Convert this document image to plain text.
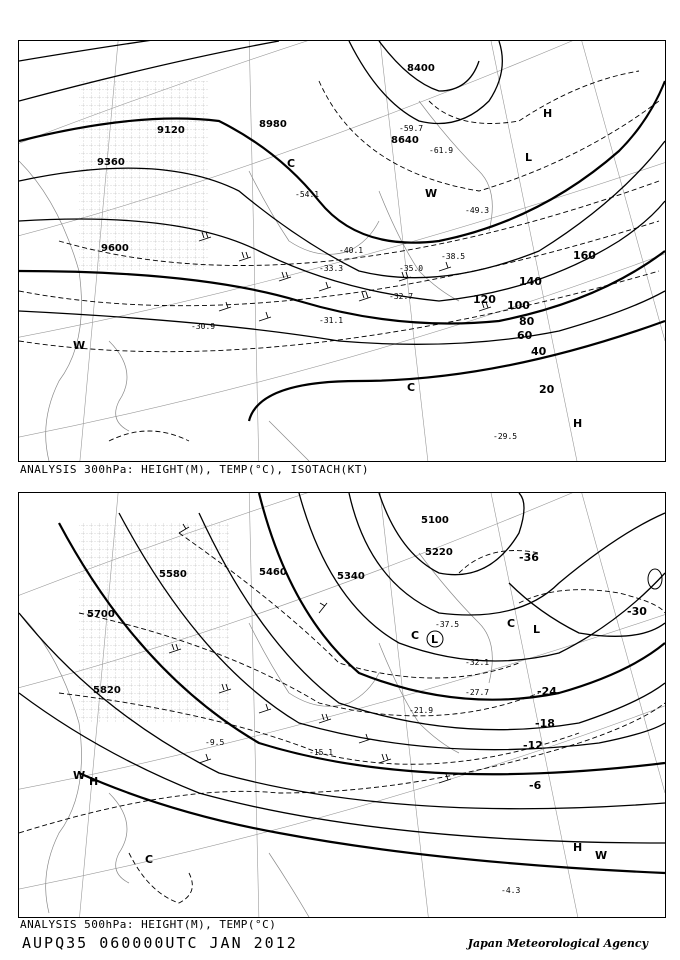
9120
8980
9360
9600
8640
8400
20
40
60
80
100
120
140
160
-29.5
-30.9
-31.1
-32.7
-33.3	-35.0
-38.5
-40.1
-49.3
-54.1
-59.7
-61.9
H
L
C
W
H
C
W
ANALYSIS 300hPa: HEIGHT(M), TEMP(°C), ISOTACH(KT)
5100
5220
5340
5460
5580
5700
5820
-36
-30
-24
-18
-12
-6
-4.3
-9.5
-15.1
-21.9
-27.7
-32.1
-37.5
L
C	L
C
H
W
H
W
C
ANALYSIS 500hPa: HEIGHT(M), TEMP(°C)
AUPQ35 060000UTC JAN 2012	Japan Meteorological Agency
